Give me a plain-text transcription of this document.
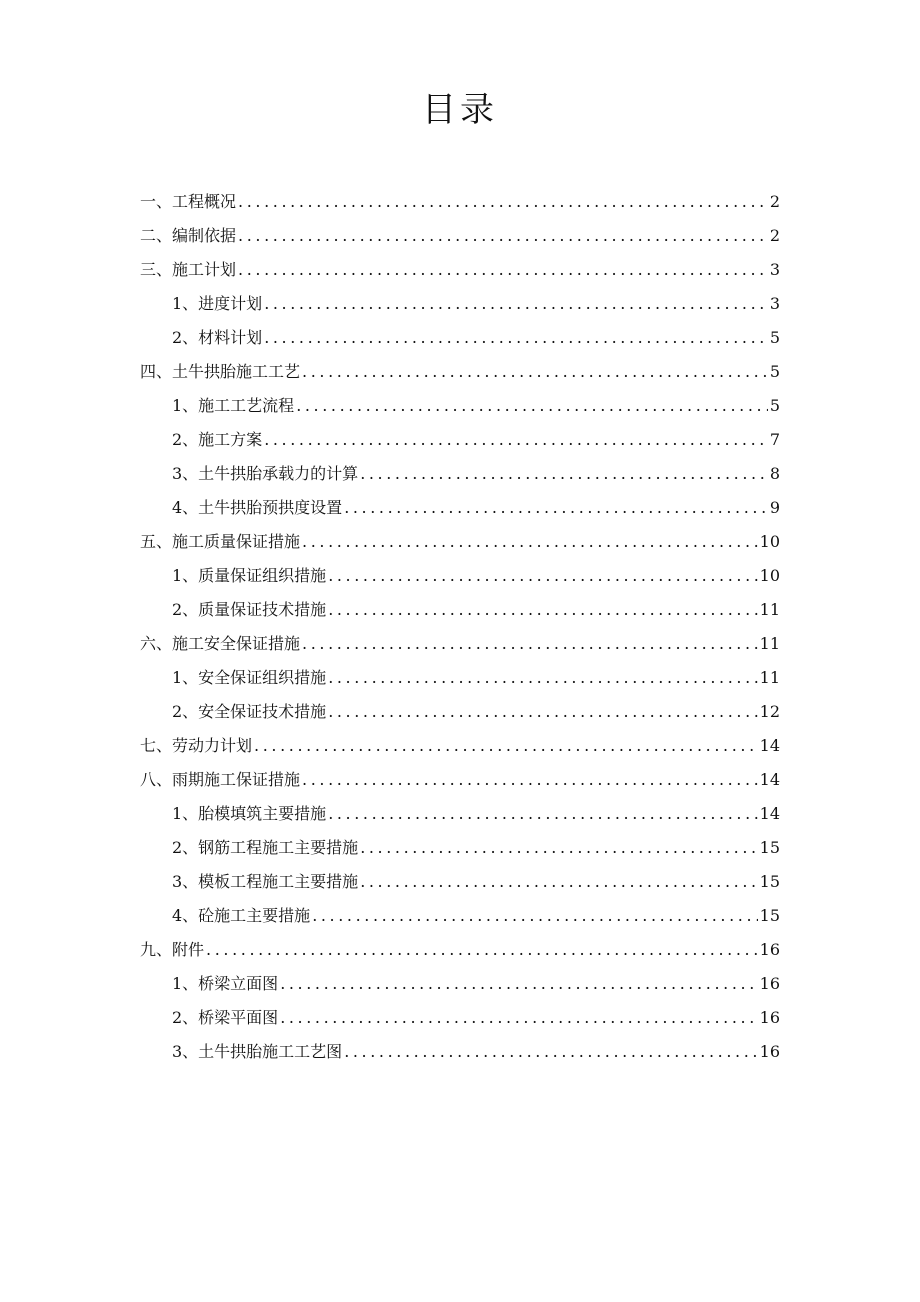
目录
一、工程概况 .....	2
二、编制依据 .....	2
三、施工计划 .....	3
1、进度计划 .....	3
2、材料计划 .....	5
四、土牛拱胎施工工艺 .....	5
1、施工工艺流程 .....	5
2、施工方案 .....	7
3、土牛拱胎承载力的计算 .....	8
4、土牛拱胎预拱度设置 .....	9
五、施工质量保证措施 .....	10
1、质量保证组织措施 .....	10
2、质量保证技术措施 .....	11
六、施工安全保证措施 .....	11
1、安全保证组织措施 .....	11
2、安全保证技术措施 .....	12
七、劳动力计划 .....	14
八、雨期施工保证措施 .....	14
1、胎模填筑主要措施 .....	14
2、钢筋工程施工主要措施 .....	15
3、模板工程施工主要措施 .....	15
4、砼施工主要措施 .....	15
九、附件 .....	16
1、桥梁立面图 .....	16
2、桥梁平面图 .....	16
3、土牛拱胎施工工艺图 .....	16
